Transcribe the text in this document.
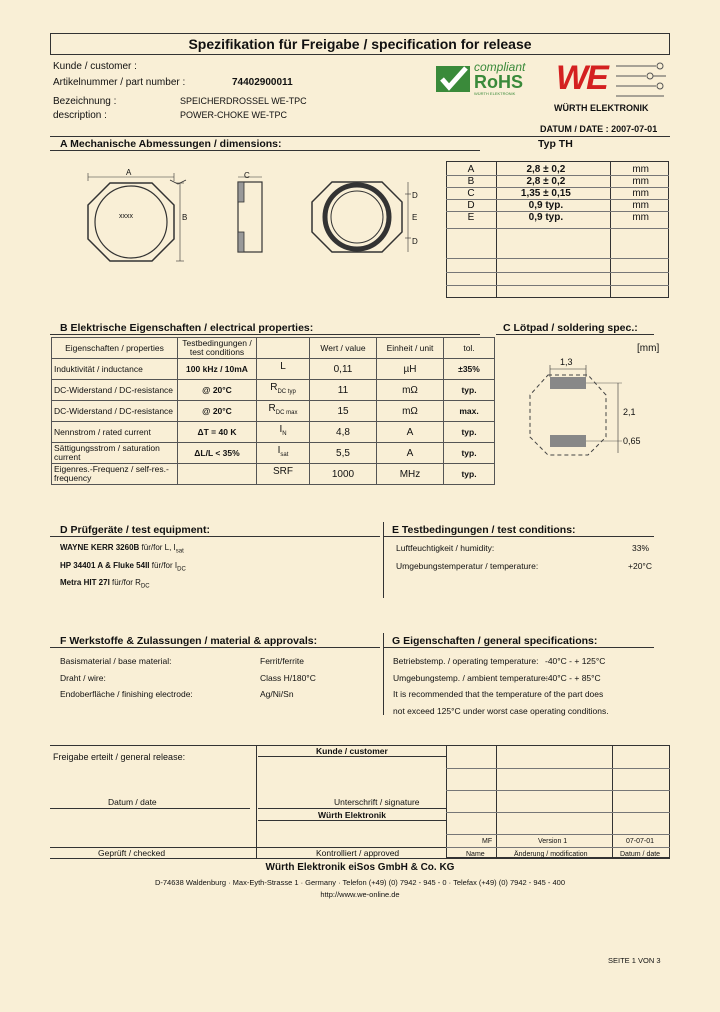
Spezifikation für Freigabe / specification for release
Kunde / customer :
Artikelnummer / part number :	74402900011
Bezeichnung :	SPEICHERDROSSEL WE-TPC
description :	POWER-CHOKE WE-TPC
compliant
RoHS
WÜRTH ELEKTRONIK WE
WÜRTH ELEKTRONIK
DATUM / DATE : 2007-07-01
A Mechanische Abmessungen / dimensions:	Typ TH
A
B
xxxx
C
D
E
D
A	2,8 ± 0,2	mm
B	2,8 ± 0,2	mm
C	1,35 ± 0,15	mm
D	0,9 typ.	mm
E	0,9 typ.	mm
B Elektrische Eigenschaften / electrical properties:
Eigenschaften / properties	Testbedingungen / test conditions		Wert / value	Einheit / unit	tol.
Induktivität / inductance	100 kHz / 10mA	L	0,11	µH	±35%
DC-Widerstand / DC-resistance	@ 20°C	$R_{DC typ}$	11	mΩ	typ.
DC-Widerstand / DC-resistance	@ 20°C	$R_{DC max}$	15	mΩ	max.
Nennstrom / rated current	ΔT = 40 K	$I_N$	4,8	A	typ.
Sättigungsstrom / saturation current	ΔL/L < 35%	$I_{sat}$	5,5	A	typ.
Eigenres.-Frequenz / self-res.-frequency		SRF	1000	MHz	typ.
C Lötpad / soldering spec.:
[mm]
1,3
2,1
0,65
D Prüfgeräte / test equipment:
WAYNE KERR 3260B für/for L, $I_{sat}$
HP 34401 A & Fluke 54II für/for $I_{DC}$
Metra HIT 27I für/for $R_{DC}$
E Testbedingungen / test conditions:
Luftfeuchtigkeit / humidity:	33%
Umgebungstemperatur / temperature:	+20°C
F Werkstoffe & Zulassungen / material & approvals:
Basismaterial / base material:	Ferrit/ferrite
Draht / wire:	Class H/180°C
Endoberfläche / finishing electrode:	Ag/Ni/Sn
G Eigenschaften / general specifications:
Betriebstemp. / operating temperature: -40°C - + 125°C
Umgebungstemp. / ambient temperature:
-40°C - + 85°C
It is recommended that the temperature of the part does
not exceed 125°C under worst case operating conditions.
Freigabe erteilt / general release:
Kunde / customer
Datum / date	Unterschrift / signature
Würth Elektronik
Geprüft / checked	Kontrolliert / approved
MF	Version 1	07-07-01
Name	Änderung / modification	Datum / date
Würth Elektronik eiSos GmbH & Co. KG
D-74638 Waldenburg · Max-Eyth-Strasse 1 · Germany · Telefon (+49) (0) 7942 - 945 - 0 · Telefax (+49) (0) 7942 - 945 - 400
http://www.we-online.de
SEITE 1 VON 3
